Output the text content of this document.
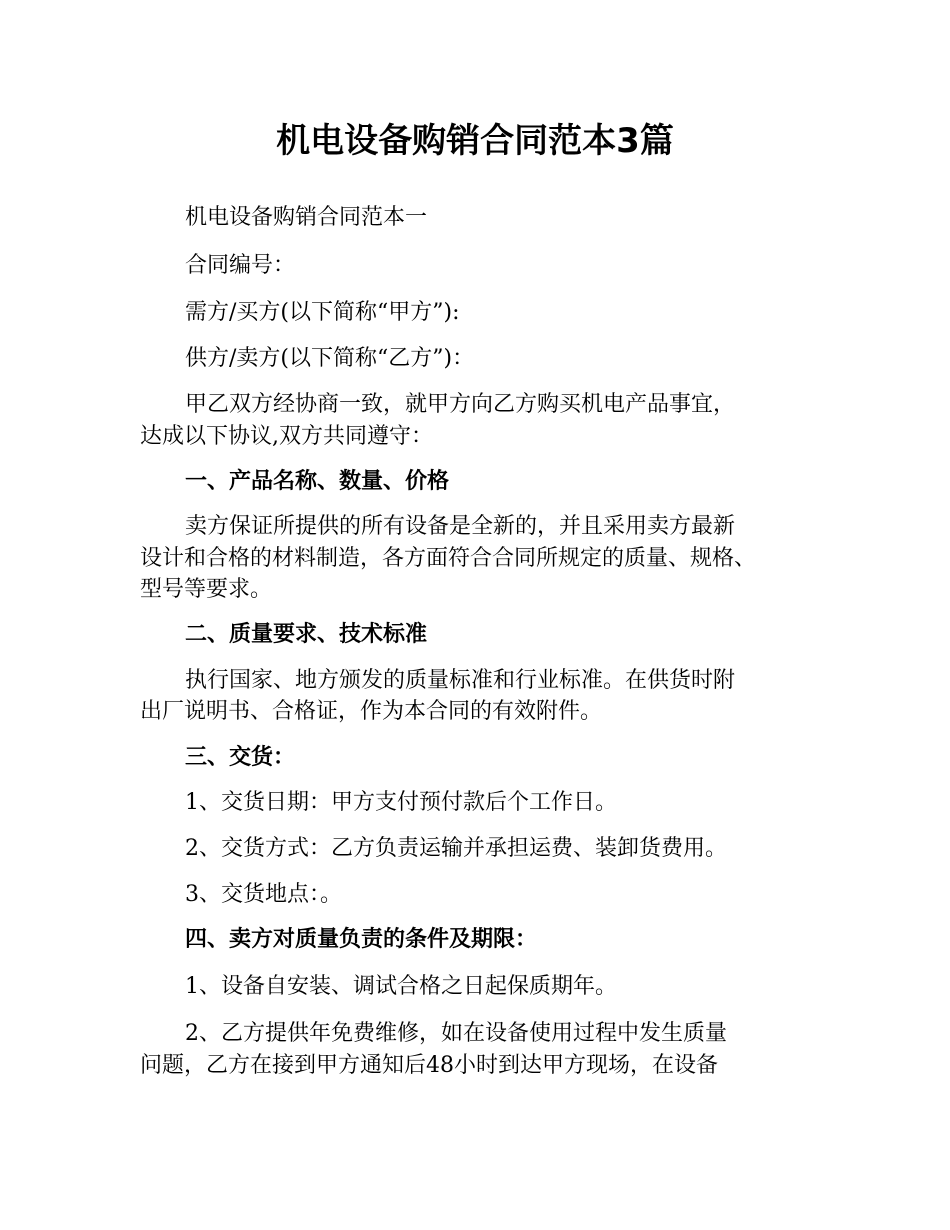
机电设备购销合同范本3篇

机电设备购销合同范本一

合同编号：

需方/买方(以下简称“甲方”):

供方/卖方(以下简称“乙方”)：

甲乙双方经协商一致，就甲方向乙方购买机电产品事宜，

达成以下协议,双方共同遵守：

一、产品名称、数量、价格

卖方保证所提供的所有设备是全新的，并且采用卖方最新

设计和合格的材料制造，各方面符合合同所规定的质量、规格、

型号等要求。

二、质量要求、技术标准

执行国家、地方颁发的质量标准和行业标准。在供货时附

出厂说明书、合格证，作为本合同的有效附件。

三、交货：

1、交货日期：甲方支付预付款后个工作日。

2、交货方式：乙方负责运输并承担运费、装卸货费用。

3、交货地点：。

四、卖方对质量负责的条件及期限：

1、设备自安装、调试合格之日起保质期年。

2、乙方提供年免费维修，如在设备使用过程中发生质量

问题，乙方在接到甲方通知后48小时到达甲方现场，在设备
